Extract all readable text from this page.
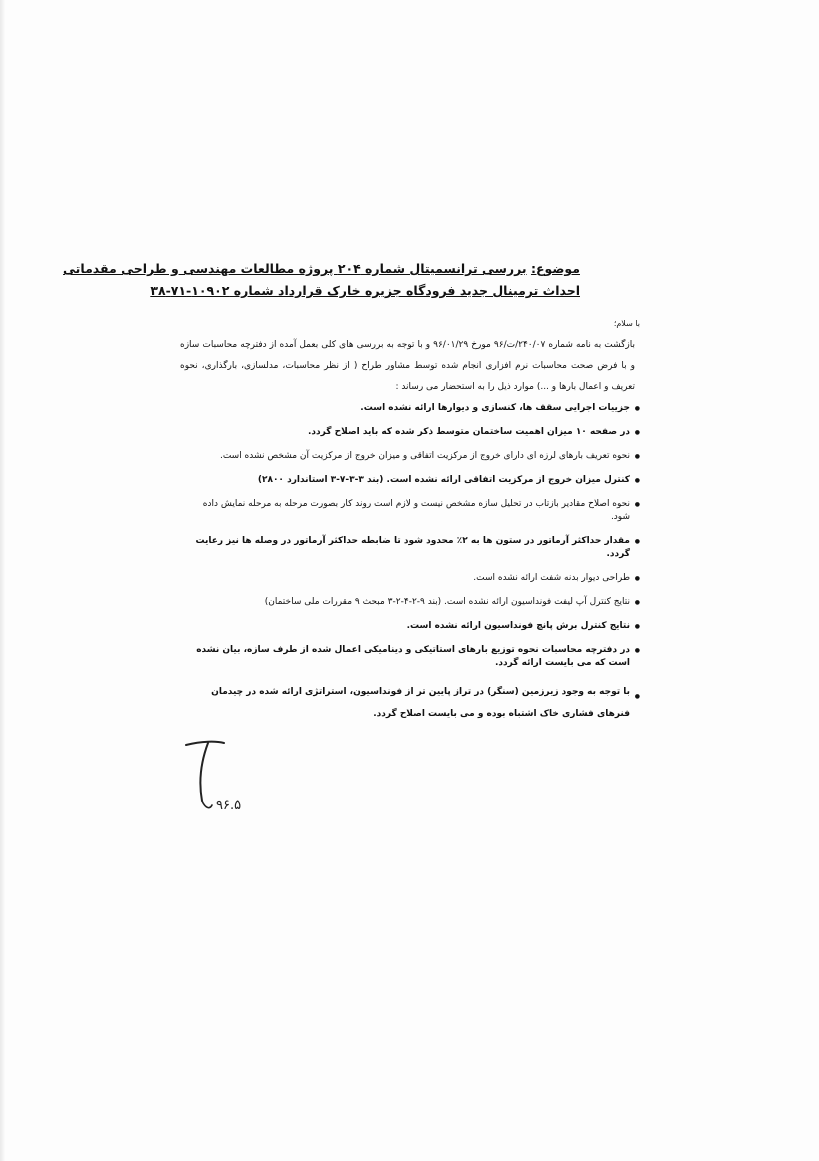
موضوع: بررسی ترانسمیتال شماره ۲۰۴ پروژه مطالعات مهندسی و طراحی مقدماتی
احداث ترمینال جدید فرودگاه جزیره خارک قرارداد شماره ۱۰۹۰۲-۷۱-۳۸
با سلام؛
بازگشت به نامه شماره ۲۴۰/۰۷/ت/۹۶ مورخ ۹۶/۰۱/۲۹ و با توجه به بررسی های کلی بعمل آمده از دفترچه محاسبات سازه و با فرض صحت محاسبات نرم افزاری انجام شده توسط مشاور طراح ( از نظر محاسبات، مدلسازی، بارگذاری، نحوه تعریف و اعمال بارها و ...) موارد ذیل را به استحضار می رساند :
● جزییات اجرایی سقف ها، کنسازی و دیوارها ارائه نشده است.
● در صفحه ۱۰ میزان اهمیت ساختمان متوسط ذکر شده که باید اصلاح گردد.
● نحوه تعریف بارهای لرزه ای دارای خروج از مرکزیت اتفاقی و میزان خروج از مرکزیت آن مشخص نشده است.
● کنترل میزان خروج از مرکزیت اتفاقی ارائه نشده است. (بند ۳-۳-۷-۳ استاندارد ۲۸۰۰)
● نحوه اصلاح مقادیر بازتاب در تحلیل سازه مشخص نیست و لازم است روند کار بصورت مرحله به مرحله نمایش داده شود.
● مقدار حداکثر آرماتور در ستون ها به ۲٪ محدود شود تا ضابطه حداکثر آرماتور در وصله ها نیز رعایت گردد.
● طراحی دیوار بدنه شفت ارائه نشده است.
● نتایج کنترل آپ لیفت فونداسیون ارائه نشده است. (بند ۹-۲-۴-۲-۳ مبحث ۹ مقررات ملی ساختمان)
● نتایج کنترل برش پانچ فونداسیون ارائه نشده است.
● در دفترچه محاسبات نحوه توزیع بارهای استاتیکی و دینامیکی اعمال شده از طرف سازه، بیان نشده است که می بایست ارائه گردد.
● با توجه به وجود زیرزمین (سنگر) در تراز پایین تر از فونداسیون، استراتژی ارائه شده در چیدمان فنرهای فشاری خاک اشتباه بوده و می بایست اصلاح گردد.
۹۶.۵
